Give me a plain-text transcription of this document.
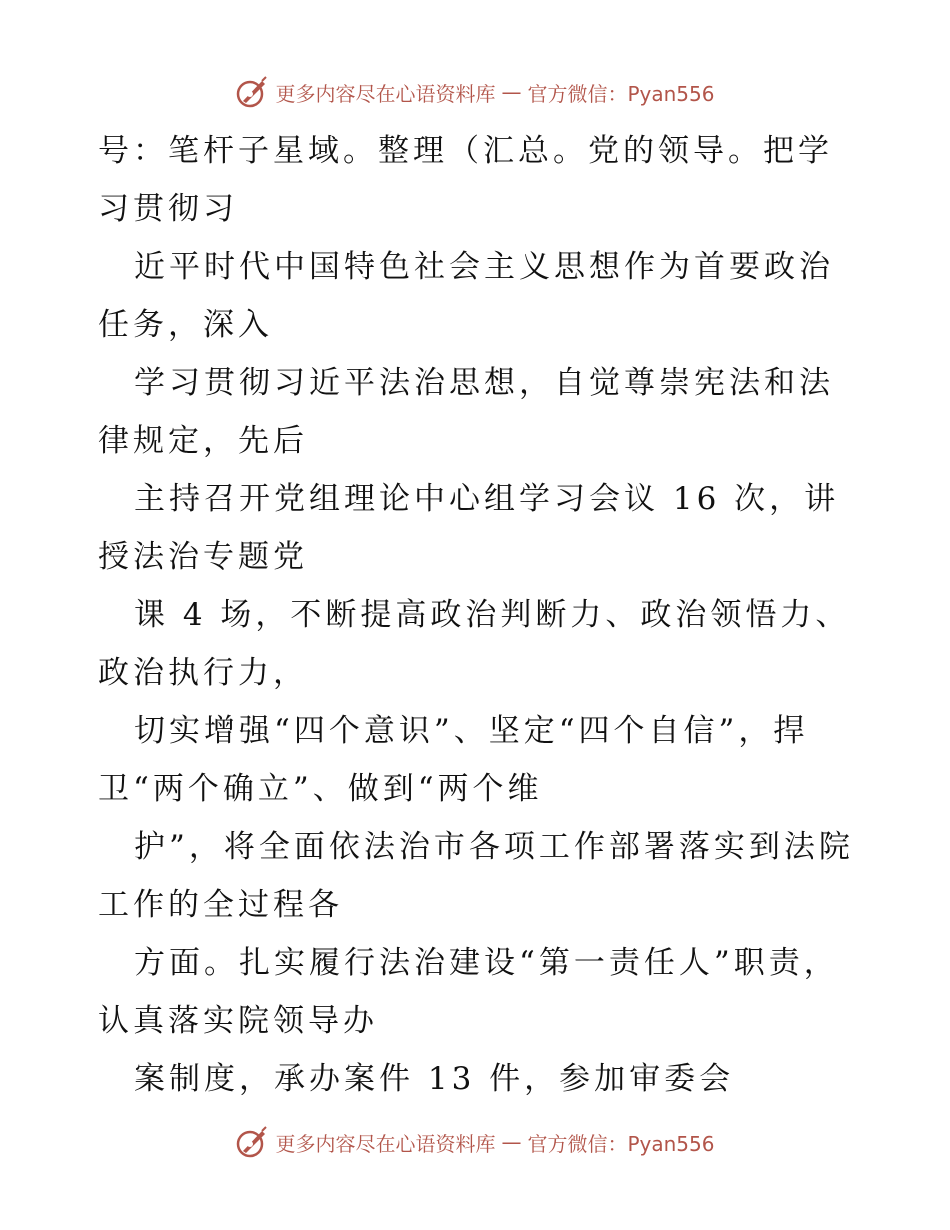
更多内容尽在心语资料库 — 官方微信：Pyan556

号：笔杆子星域。整理（汇总。党的领导。把学习贯彻习

近平时代中国特色社会主义思想作为首要政治任务，深入

学习贯彻习近平法治思想，自觉尊崇宪法和法律规定，先后

主持召开党组理论中心组学习会议 16 次，讲授法治专题党

课 4 场，不断提高政治判断力、政治领悟力、政治执行力，

切实增强“四个意识”、坚定“四个自信”，捍卫“两个确立”、做到“两个维

护”，将全面依法治市各项工作部署落实到法院工作的全过程各

方面。扎实履行法治建设“第一责任人”职责，认真落实院领导办

案制度，承办案件 13 件，参加审委会

更多内容尽在心语资料库 — 官方微信：Pyan556
